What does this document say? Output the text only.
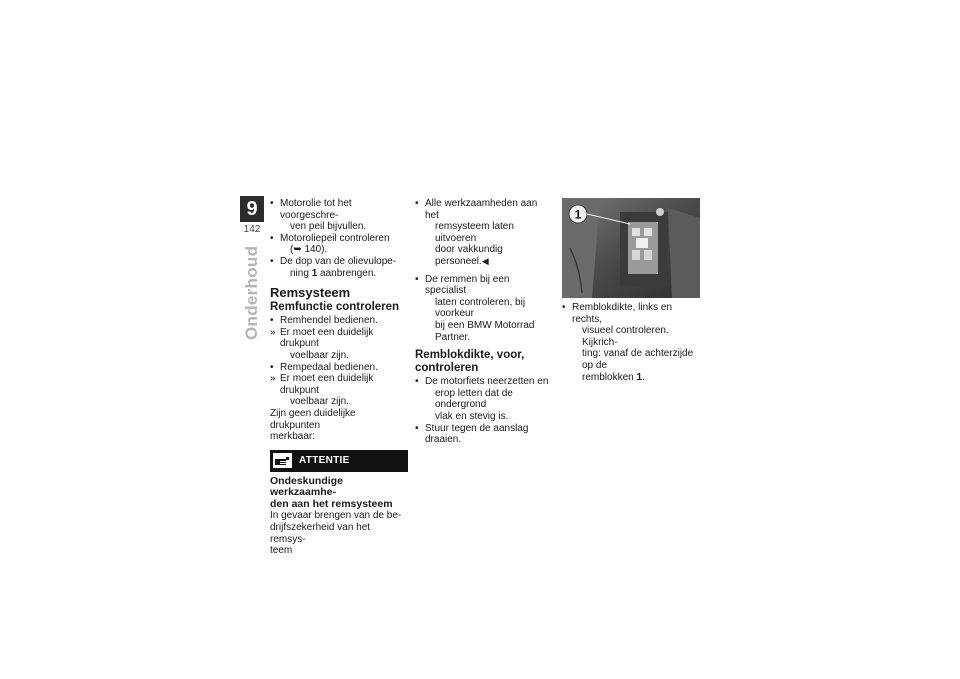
9
142
Onderhoud
• Motorolie tot het voorgeschre-
ven peil bijvullen.
• Motoroliepeil controleren
(➥ 140).
• De dop van de olievulope-
ning 1 aanbrengen.
Remsysteem
Remfunctie controleren
• Remhendel bedienen.
» Er moet een duidelijk drukpunt
voelbaar zijn.
• Rempedaal bedienen.
» Er moet een duidelijk drukpunt
voelbaar zijn.
Zijn geen duidelijke drukpunten
merkbaar:
ATTENTIE
Ondeskundige werkzaamhe-
den aan het remsysteem
In gevaar brengen van de be-
drijfszekerheid van het remsys-
teem
• Alle werkzaamheden aan het
remsysteem laten uitvoeren
door vakkundig personeel.◀
• De remmen bij een specialist
laten controleren, bij voorkeur
bij een BMW Motorrad Partner.
Remblokdikte, voor,
controleren
• De motorfiets neerzetten en
erop letten dat de ondergrond
vlak en stevig is.
• Stuur tegen de aanslag draaien.
1
• Remblokdikte, links en rechts,
visueel controleren. Kijkrich-
ting: vanaf de achterzijde op de
remblokken 1.
